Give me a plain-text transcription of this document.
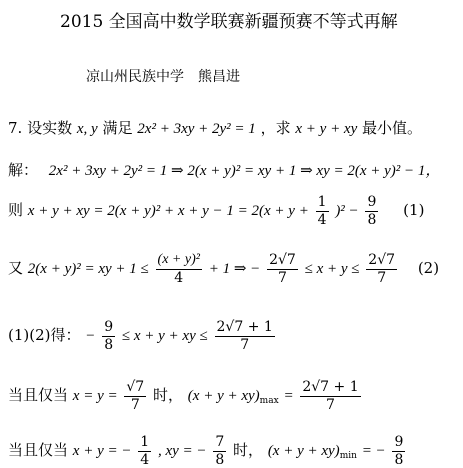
2015 全国高中数学联赛新疆预赛不等式再解
凉山州民族中学　熊昌进
7. 设实数 x, y 满足 2x² + 3xy + 2y² = 1 ，求 x + y + xy 最小值。
解： 2x² + 3xy + 2y² = 1 ⇒ 2(x + y)² = xy + 1 ⇒ xy = 2(x + y)² − 1，
则 x + y + xy = $2(x + y)^2 + x + y - 1 = 2(x + y + \frac{1}{4} )^2 - \frac{9}{8} (1)$
又 2(x + y)² = xy + $1 \le \frac{\text{(x + y)²}}{4} + 1$ ⇒ − $\frac{2√7}{7} \le x + y \le \frac{2√7}{7} (2)$
(1)(2)得： − $\frac{9}{8} \le x + y$ + xy ≤ $\frac{2√7 + 1}{7}$
当且仅当 $x = y = \frac{√7}{7}$ 时， $(x + y + xy)_{max} = \frac{2√7 + 1}{7}$
当且仅当 x + y = − $\frac{1}{4}$ , xy = − $\frac{7}{8}$ 时， $(x + y + xy)_{min}$ = − $\frac{9}{8}$
